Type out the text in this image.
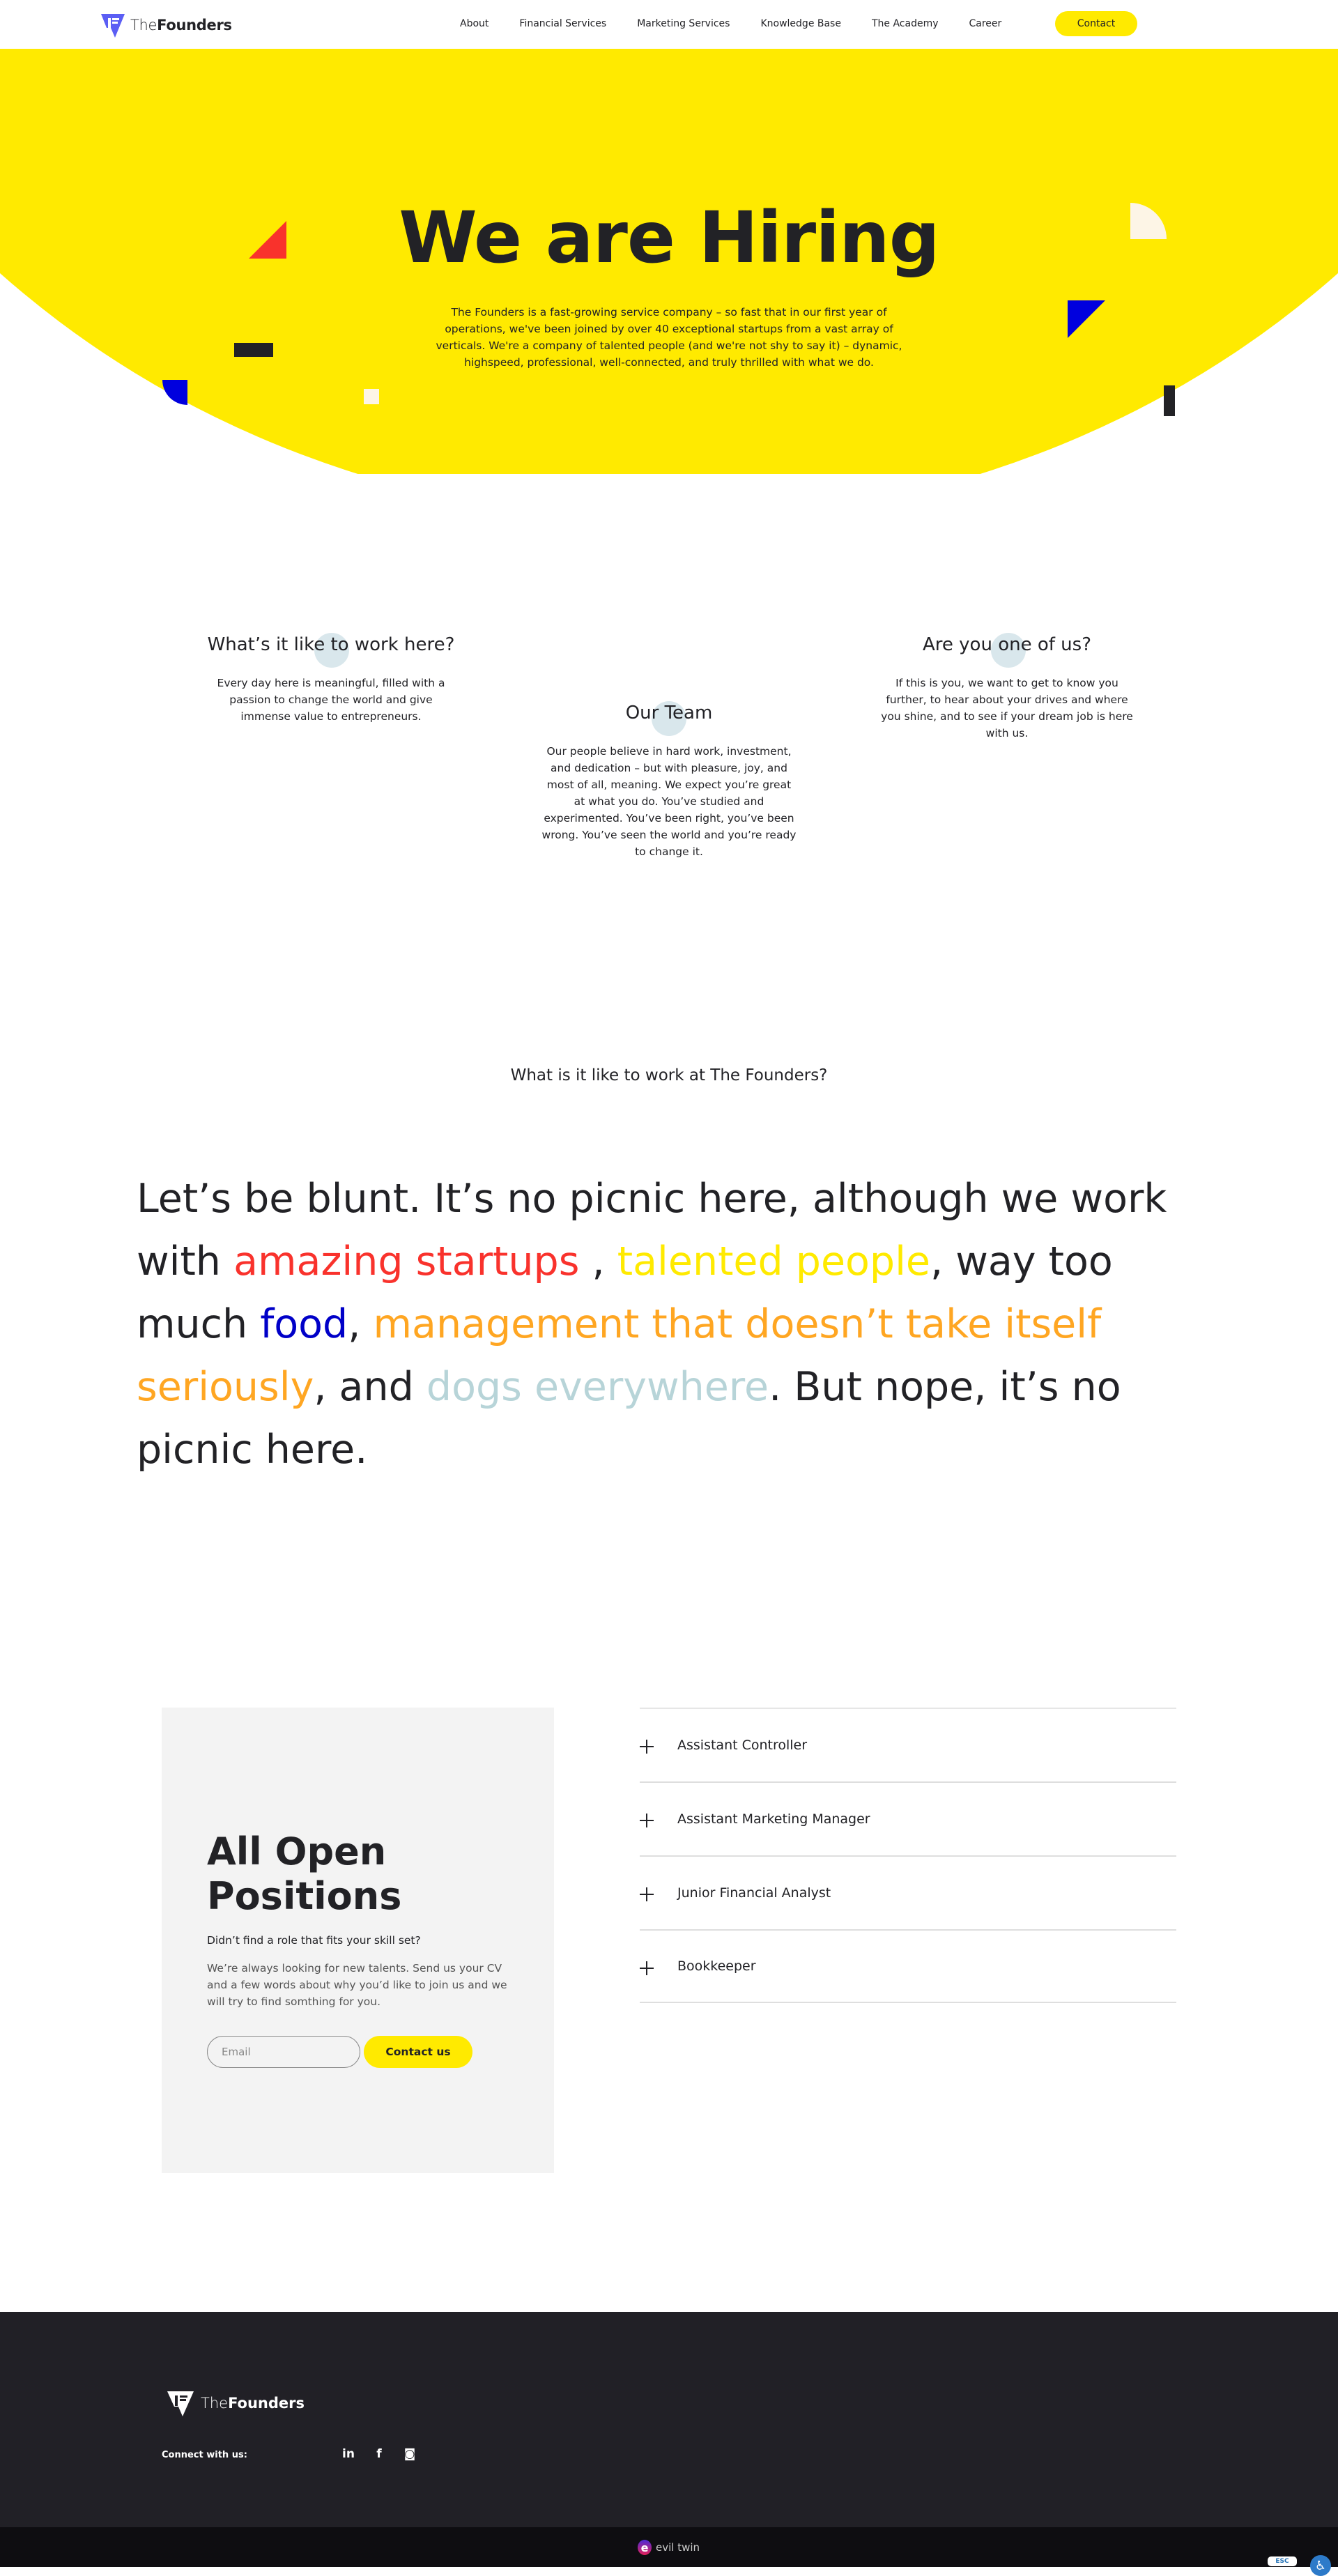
TheFounders	About	Financial Services	Marketing Services	Knowledge Base	The Academy	Career	Contact
We are Hiring

The Founders is a fast-growing service company – so fast that in our first year of operations, we've been joined by over 40 exceptional startups from a vast array of verticals. We're a company of talented people (and we're not shy to say it) – dynamic, highspeed, professional, well-connected, and truly thrilled with what we do.

What’s it like to work here?

Every day here is meaningful, filled with a passion to change the world and give immense value to entrepreneurs.	Our Team

Our people believe in hard work, investment, and dedication – but with pleasure, joy, and most of all, meaning. We expect you’re great at what you do. You’ve studied and experimented. You’ve been right, you’ve been wrong. You’ve seen the world and you’re ready to change it.

Are you one of us?

If this is you, we want to get to know you further, to hear about your drives and where you shine, and to see if your dream job is here with us.

What is it like to work at The Founders?

Let’s be blunt. It’s no picnic here, although we work with amazing startups , talented people, way too much food, management that doesn’t take itself seriously, and dogs everywhere. But nope, it’s no picnic here.

All Open
Positions

Didn’t find a role that fits your skill set?

We’re always looking for new talents. Send us your CV and a few words about why you’d like to join us and we will try to find somthing for you.

Email
Contact us
Assistant Controller
Assistant Marketing Manager
Junior Financial Analyst
Bookkeeper
TheFounders

Connect with us:	in	f	◙
e evil twin
ESC	♿
